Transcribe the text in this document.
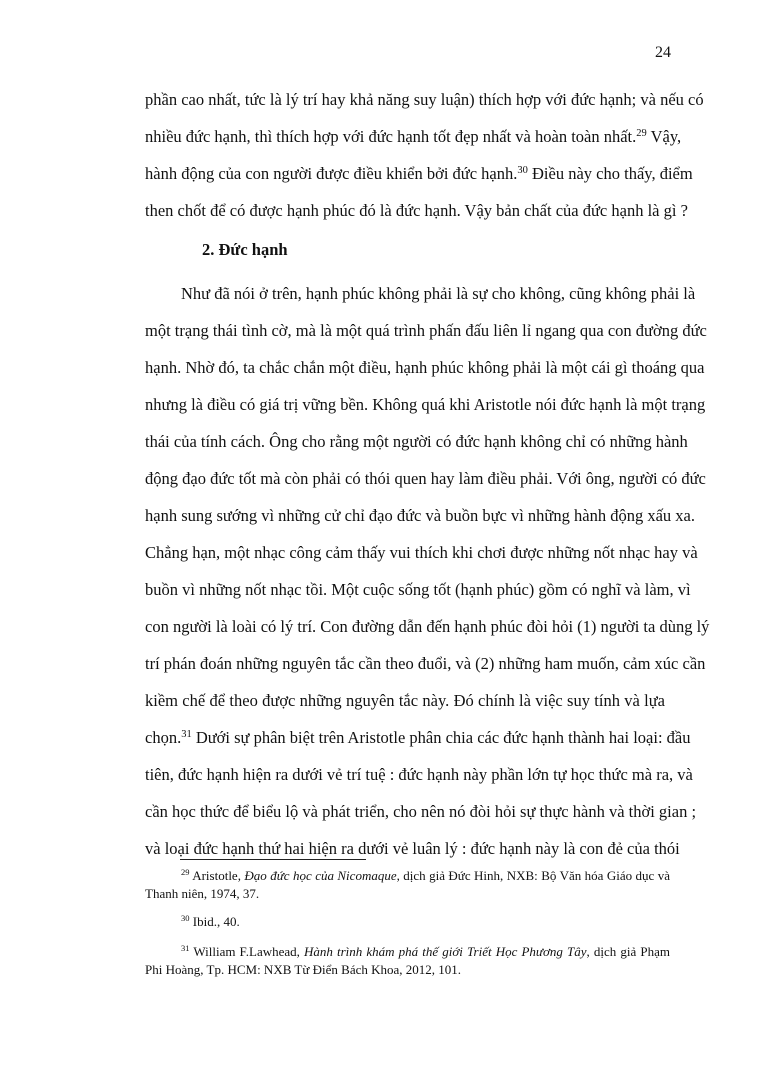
24
phần cao nhất, tức là lý trí hay khả năng suy luận) thích hợp với đức hạnh; và nếu có
nhiều đức hạnh, thì thích hợp với đức hạnh tốt đẹp nhất và hoàn toàn nhất.$^{29}$ Vậy,
hành động của con người được điều khiển bởi đức hạnh.$^{30}$ Điều này cho thấy, điểm
then chốt để có được hạnh phúc đó là đức hạnh. Vậy bản chất của đức hạnh là gì ?
2. Đức hạnh
Như đã nói ở trên, hạnh phúc không phải là sự cho không, cũng không phải là
một trạng thái tình cờ, mà là một quá trình phấn đấu liên lỉ ngang qua con đường đức
hạnh. Nhờ đó, ta chắc chắn một điều, hạnh phúc không phải là một cái gì thoáng qua
nhưng là điều có giá trị vững bền. Không quá khi Aristotle nói đức hạnh là một trạng
thái của tính cách. Ông cho rằng một người có đức hạnh không chỉ có những hành
động đạo đức tốt mà còn phải có thói quen hay làm điều phải. Với ông, người có đức
hạnh sung sướng vì những cử chỉ đạo đức và buồn bực vì những hành động xấu xa.
Chẳng hạn, một nhạc công cảm thấy vui thích khi chơi được những nốt nhạc hay và
buồn vì những nốt nhạc tồi. Một cuộc sống tốt (hạnh phúc) gồm có nghĩ và làm, vì
con người là loài có lý trí. Con đường dẫn đến hạnh phúc đòi hỏi (1) người ta dùng lý
trí phán đoán những nguyên tắc cần theo đuổi, và (2) những ham muốn, cảm xúc cần
kiềm chế để theo được những nguyên tắc này. Đó chính là việc suy tính và lựa
chọn.$^{31}$ Dưới sự phân biệt trên Aristotle phân chia các đức hạnh thành hai loại: đầu
tiên, đức hạnh hiện ra dưới vẻ trí tuệ : đức hạnh này phần lớn tự học thức mà ra, và
cần học thức để biểu lộ và phát triển, cho nên nó đòi hỏi sự thực hành và thời gian ;
và loại đức hạnh thứ hai hiện ra dưới vẻ luân lý : đức hạnh này là con đẻ của thói
$^{29}$ Aristotle, Đạo đức học của Nicomaque, dịch giả Đức Hinh, NXB: Bộ Văn hóa Giáo dục và
Thanh niên, 1974, 37.
$^{30}$ Ibid., 40.
$^{31}$ William F.Lawhead, Hành trình khám phá thế giới Triết Học Phương Tây, dịch giả Phạm
Phi Hoàng, Tp. HCM: NXB Từ Điển Bách Khoa, 2012, 101.
